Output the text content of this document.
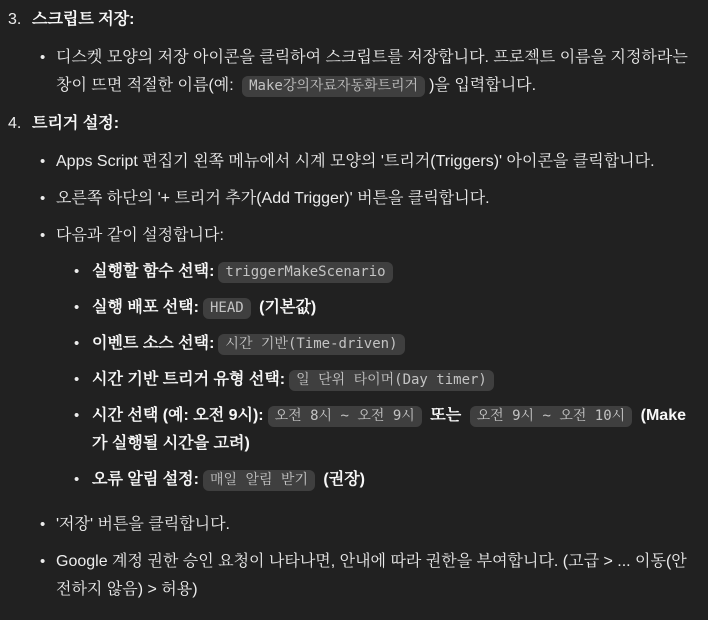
3. 스크립트 저장:
• 디스켓 모양의 저장 아이콘을 클릭하여 스크립트를 저장합니다. 프로젝트 이름을 지정하라는 창이 뜨면 적절한 이름(예: Make강의자료자동화트리거 )을 입력합니다.
4. 트리거 설정:
• Apps Script 편집기 왼쪽 메뉴에서 시계 모양의 '트리거(Triggers)' 아이콘을 클릭합니다.
• 오른쪽 하단의 '+ 트리거 추가(Add Trigger)' 버튼을 클릭합니다.
• 다음과 같이 설정합니다:
• 실행할 함수 선택: triggerMakeScenario
• 실행 배포 선택: HEAD (기본값)
• 이벤트 소스 선택: 시간 기반(Time-driven)
• 시간 기반 트리거 유형 선택: 일 단위 타이머(Day timer)
• 시간 선택 (예: 오전 9시): 오전 8시 ~ 오전 9시 또는 오전 9시 ~ 오전 10시 (Make가 실행될 시간을 고려)
• 오류 알림 설정: 매일 알림 받기 (권장)
• '저장' 버튼을 클릭합니다.
• Google 계정 권한 승인 요청이 나타나면, 안내에 따라 권한을 부여합니다. (고급 > ... 이동(안전하지 않음) > 허용)
